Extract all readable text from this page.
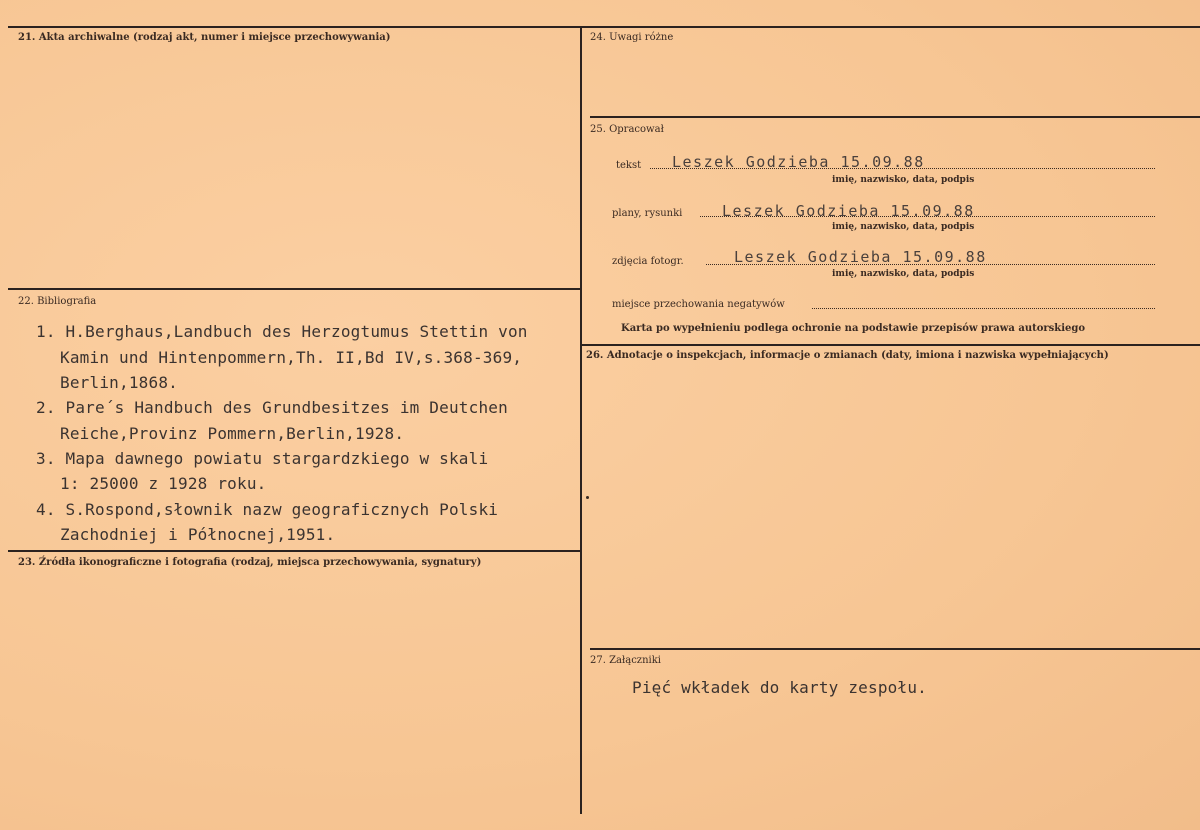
21. Akta archiwalne (rodzaj akt, numer i miejsce przechowywania)
22. Bibliografia
1. H.Berghaus,Landbuch des Herzogtumus Stettin von
Kamin und Hintenpommern,Th. II,Bd IV,s.368-369,
Berlin,1868.
2. Pare´s Handbuch des Grundbesitzes im Deutchen
Reiche,Provinz Pommern,Berlin,1928.
3. Mapa dawnego powiatu stargardzkiego w skali
1: 25000 z 1928 roku.
4. S.Rospond,słownik nazw geograficznych Polski
Zachodniej i Północnej,1951.
23. Źródła ikonograficzne i fotografia (rodzaj, miejsca przechowywania, sygnatury)
24. Uwagi różne
25. Opracował
tekst Leszek Godzieba 15.09.88
imię, nazwisko, data, podpis
plany, rysunki	Leszek Godzieba 15.09.88
imię, nazwisko, data, podpis
zdjęcia fotogr.	Leszek Godzieba 15.09.88
imię, nazwisko, data, podpis
miejsce przechowania negatywów
Karta po wypełnieniu podlega ochronie na podstawie przepisów prawa autorskiego
26. Adnotacje o inspekcjach, informacje o zmianach (daty, imiona i nazwiska wypełniających)
27. Załączniki
Pięć wkładek do karty zespołu.
